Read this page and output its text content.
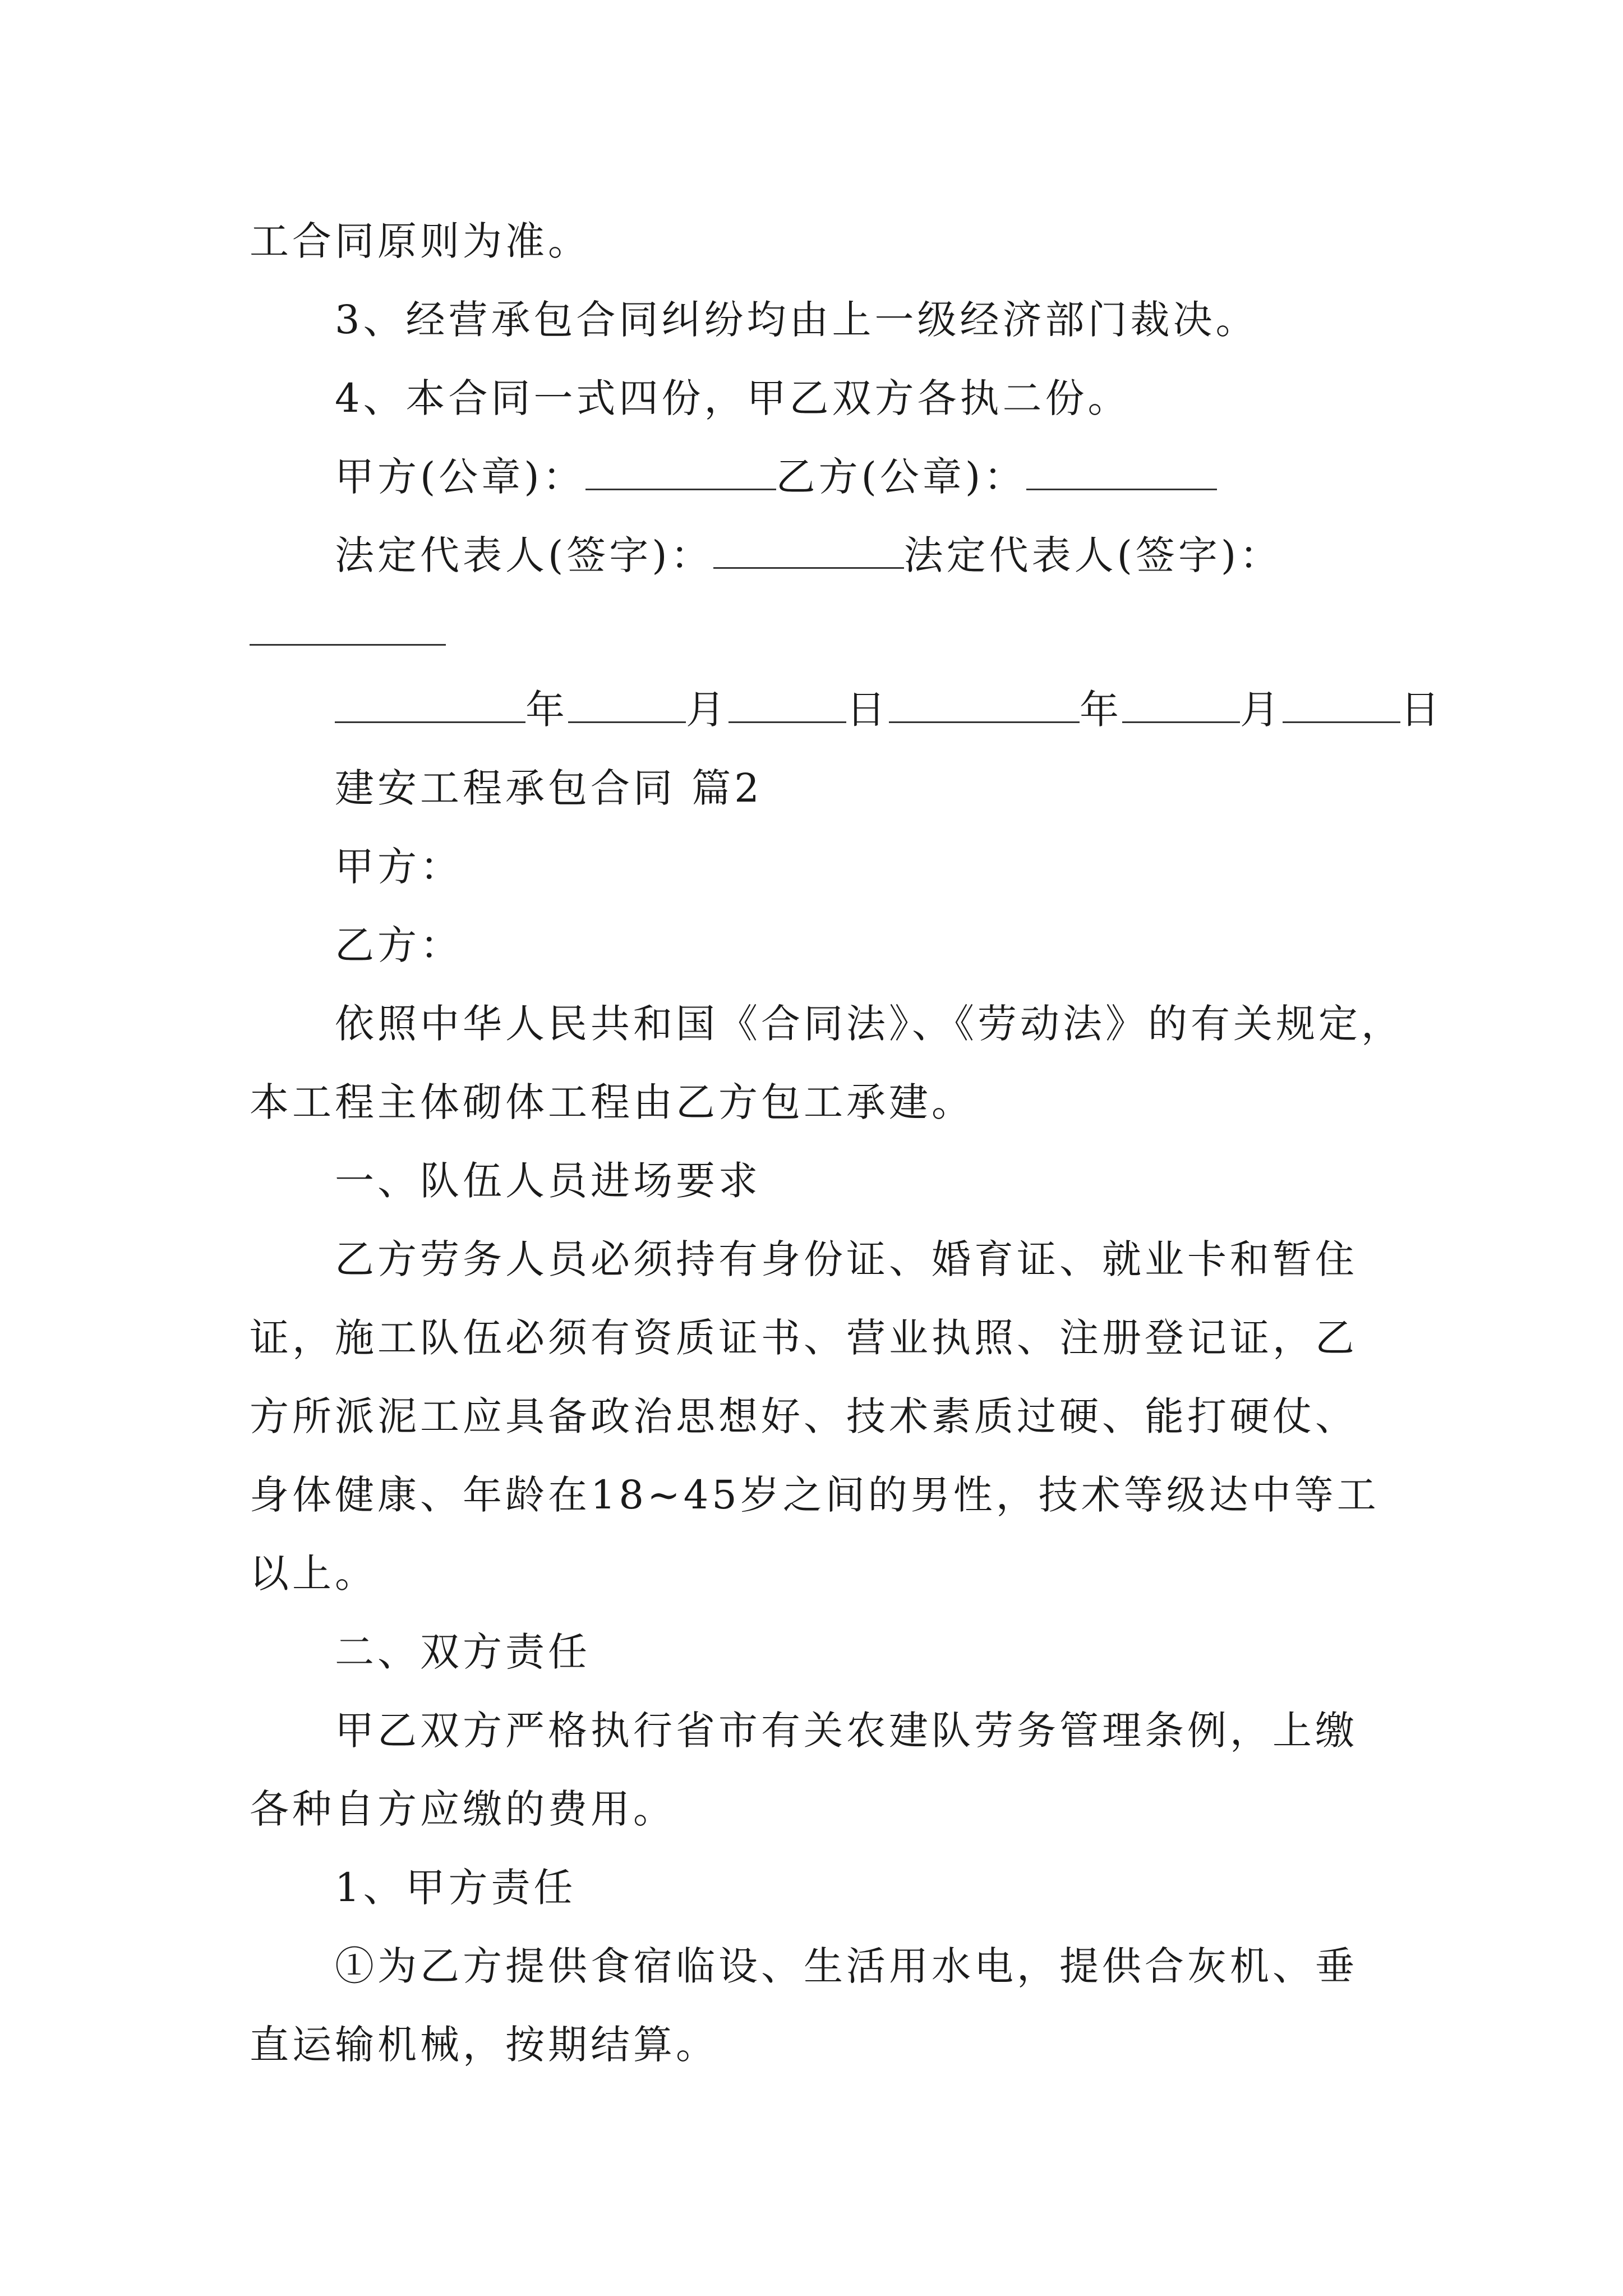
工合同原则为准。
3、经营承包合同纠纷均由上一级经济部门裁决。
4、本合同一式四份，甲乙双方各执二份。
甲方(公章)：	乙方(公章)：
法定代表人(签字)：	法定代表人(签字)：
年	月	日	年	月	日
建安工程承包合同 篇2
甲方：
乙方：
依照中华人民共和国《合同法》、《劳动法》的有关规定，
本工程主体砌体工程由乙方包工承建。
一、队伍人员进场要求
乙方劳务人员必须持有身份证、婚育证、就业卡和暂住
证，施工队伍必须有资质证书、营业执照、注册登记证，乙
方所派泥工应具备政治思想好、技术素质过硬、能打硬仗、
身体健康、年龄在18~45岁之间的男性，技术等级达中等工
以上。
二、双方责任
甲乙双方严格执行省市有关农建队劳务管理条例，上缴
各种自方应缴的费用。
1、甲方责任
①为乙方提供食宿临设、生活用水电，提供合灰机、垂
直运输机械，按期结算。
